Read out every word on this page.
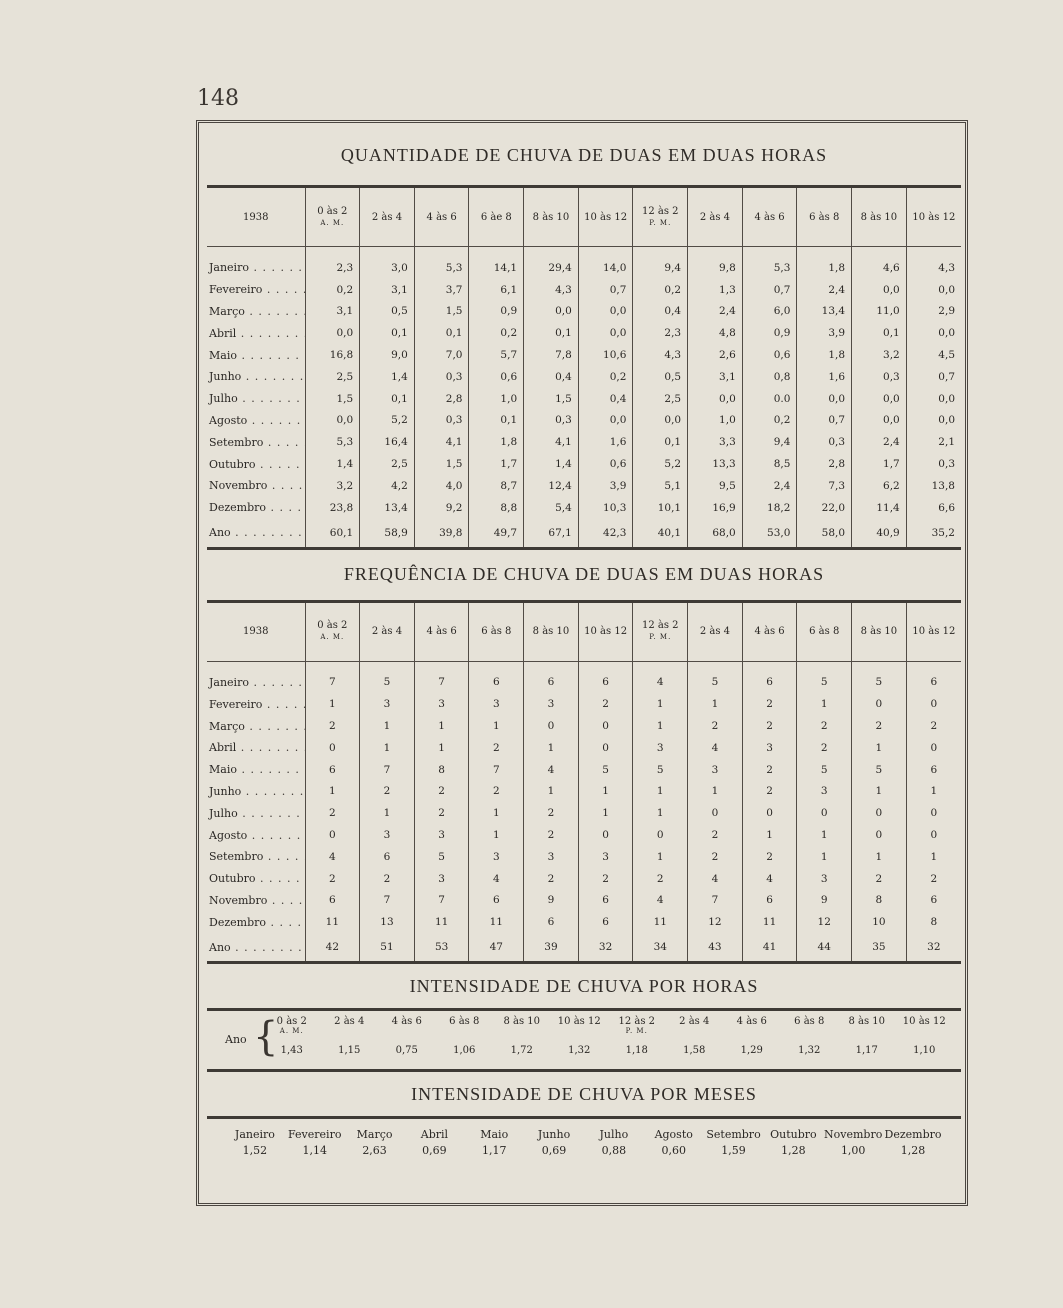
148
QUANTIDADE DE CHUVA DE DUAS EM DUAS HORAS
1938	0 às 2
A. M.	2 às 4	4 às 6	6 àe 8	8 às 10	10 às 12	12 às 2
P. M.	2 às 4	4 às 6	6 às 8	8 às 10	10 às 12

Janeiro . . .	2,3	3,0	5,3	14,1	29,4	14,0	9,4	9,8	5,3	1,8	4,6	4,3
Fevereiro . . .	0,2	3,1	3,7	6,1	4,3	0,7	0,2	1,3	0,7	2,4	0,0	0,0
Março . . .	3,1	0,5	1,5	0,9	0,0	0,0	0,4	2,4	6,0	13,4	11,0	2,9
Abril . . .	0,0	0,1	0,1	0,2	0,1	0,0	2,3	4,8	0,9	3,9	0,1	0,0
Maio . . .	16,8	9,0	7,0	5,7	7,8	10,6	4,3	2,6	0,6	1,8	3,2	4,5
Junho . . .	2,5	1,4	0,3	0,6	0,4	0,2	0,5	3,1	0,8	1,6	0,3	0,7
Julho . . .	1,5	0,1	2,8	1,0	1,5	0,4	2,5	0,0	0.0	0,0	0,0	0,0
Agosto . . .	0,0	5,2	0,3	0,1	0,3	0,0	0,0	1,0	0,2	0,7	0,0	0,0
Setembro . . .	5,3	16,4	4,1	1,8	4,1	1,6	0,1	3,3	9,4	0,3	2,4	2,1
Outubro . . .	1,4	2,5	1,5	1,7	1,4	0,6	5,2	13,3	8,5	2,8	1,7	0,3
Novembro . . .	3,2	4,2	4,0	8,7	12,4	3,9	5,1	9,5	2,4	7,3	6,2	13,8
Dezembro . . .	23,8	13,4	9,2	8,8	5,4	10,3	10,1	16,9	18,2	22,0	11,4	6,6
Ano . . .	60,1	58,9	39,8	49,7	67,1	42,3	40,1	68,0	53,0	58,0	40,9	35,2
FREQUÊNCIA DE CHUVA DE DUAS EM DUAS HORAS
1938	0 às 2
A. M.	2 às 4	4 às 6	6 às 8	8 às 10	10 às 12	12 às 2
P. M.	2 às 4	4 às 6	6 às 8	8 às 10	10 às 12

Janeiro . . .	7	5	7	6	6	6	4	5	6	5	5	6
Fevereiro . . .	1	3	3	3	3	2	1	1	2	1	0	0
Março . . .	2	1	1	1	0	0	1	2	2	2	2	2
Abril . . .	0	1	1	2	1	0	3	4	3	2	1	0
Maio . . .	6	7	8	7	4	5	5	3	2	5	5	6
Junho . . .	1	2	2	2	1	1	1	1	2	3	1	1
Julho . . .	2	1	2	1	2	1	1	0	0	0	0	0
Agosto . . .	0	3	3	1	2	0	0	2	1	1	0	0
Setembro . . .	4	6	5	3	3	3	1	2	2	1	1	1
Outubro . . .	2	2	3	4	2	2	2	4	4	3	2	2
Novembro . . .	6	7	7	6	9	6	4	7	6	9	8	6
Dezembro . . .	11	13	11	11	6	6	11	12	11	12	10	8
Ano . . .	42	51	53	47	39	32	34	43	41	44	35	32
INTENSIDADE DE CHUVA POR HORAS
Ano {
0 às 2
A. M.
2 às 4	4 às 6	6 às 8	8 às 10	10 às 12	12 às 2
P. M.
2 às 4	4 às 6	6 às 8	8 às 10	10 às 12
1,43	1,15	0,75	1,06	1,72	1,32	1,18	1,58	1,29	1,32	1,17	1,10
INTENSIDADE DE CHUVA POR MESES
Janeiro
1,52
Fevereiro
1,14
Março
2,63
Abril
0,69
Maio
1,17
Junho
0,69
Julho
0,88
Agosto
0,60
Setembro
1,59
Outubro
1,28
Novembro
1,00
Dezembro
1,28
